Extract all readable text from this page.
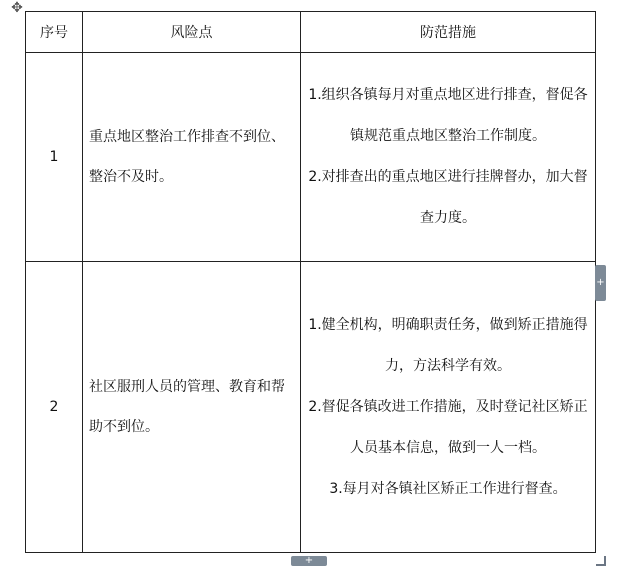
✥
序号	风险点	防范措施
1	重点地区整治工作排查不到位、整治不及时。	1.组织各镇每月对重点地区进行排查，督促各镇规范重点地区整治工作制度。

2.对排查出的重点地区进行挂牌督办，加大督查力度。

2	社区服刑人员的管理、教育和帮助不到位。	1.健全机构，明确职责任务，做到矫正措施得力，方法科学有效。

2.督促各镇改进工作措施，及时登记社区矫正人员基本信息，做到一人一档。

3.每月对各镇社区矫正工作进行督查。

+
+
